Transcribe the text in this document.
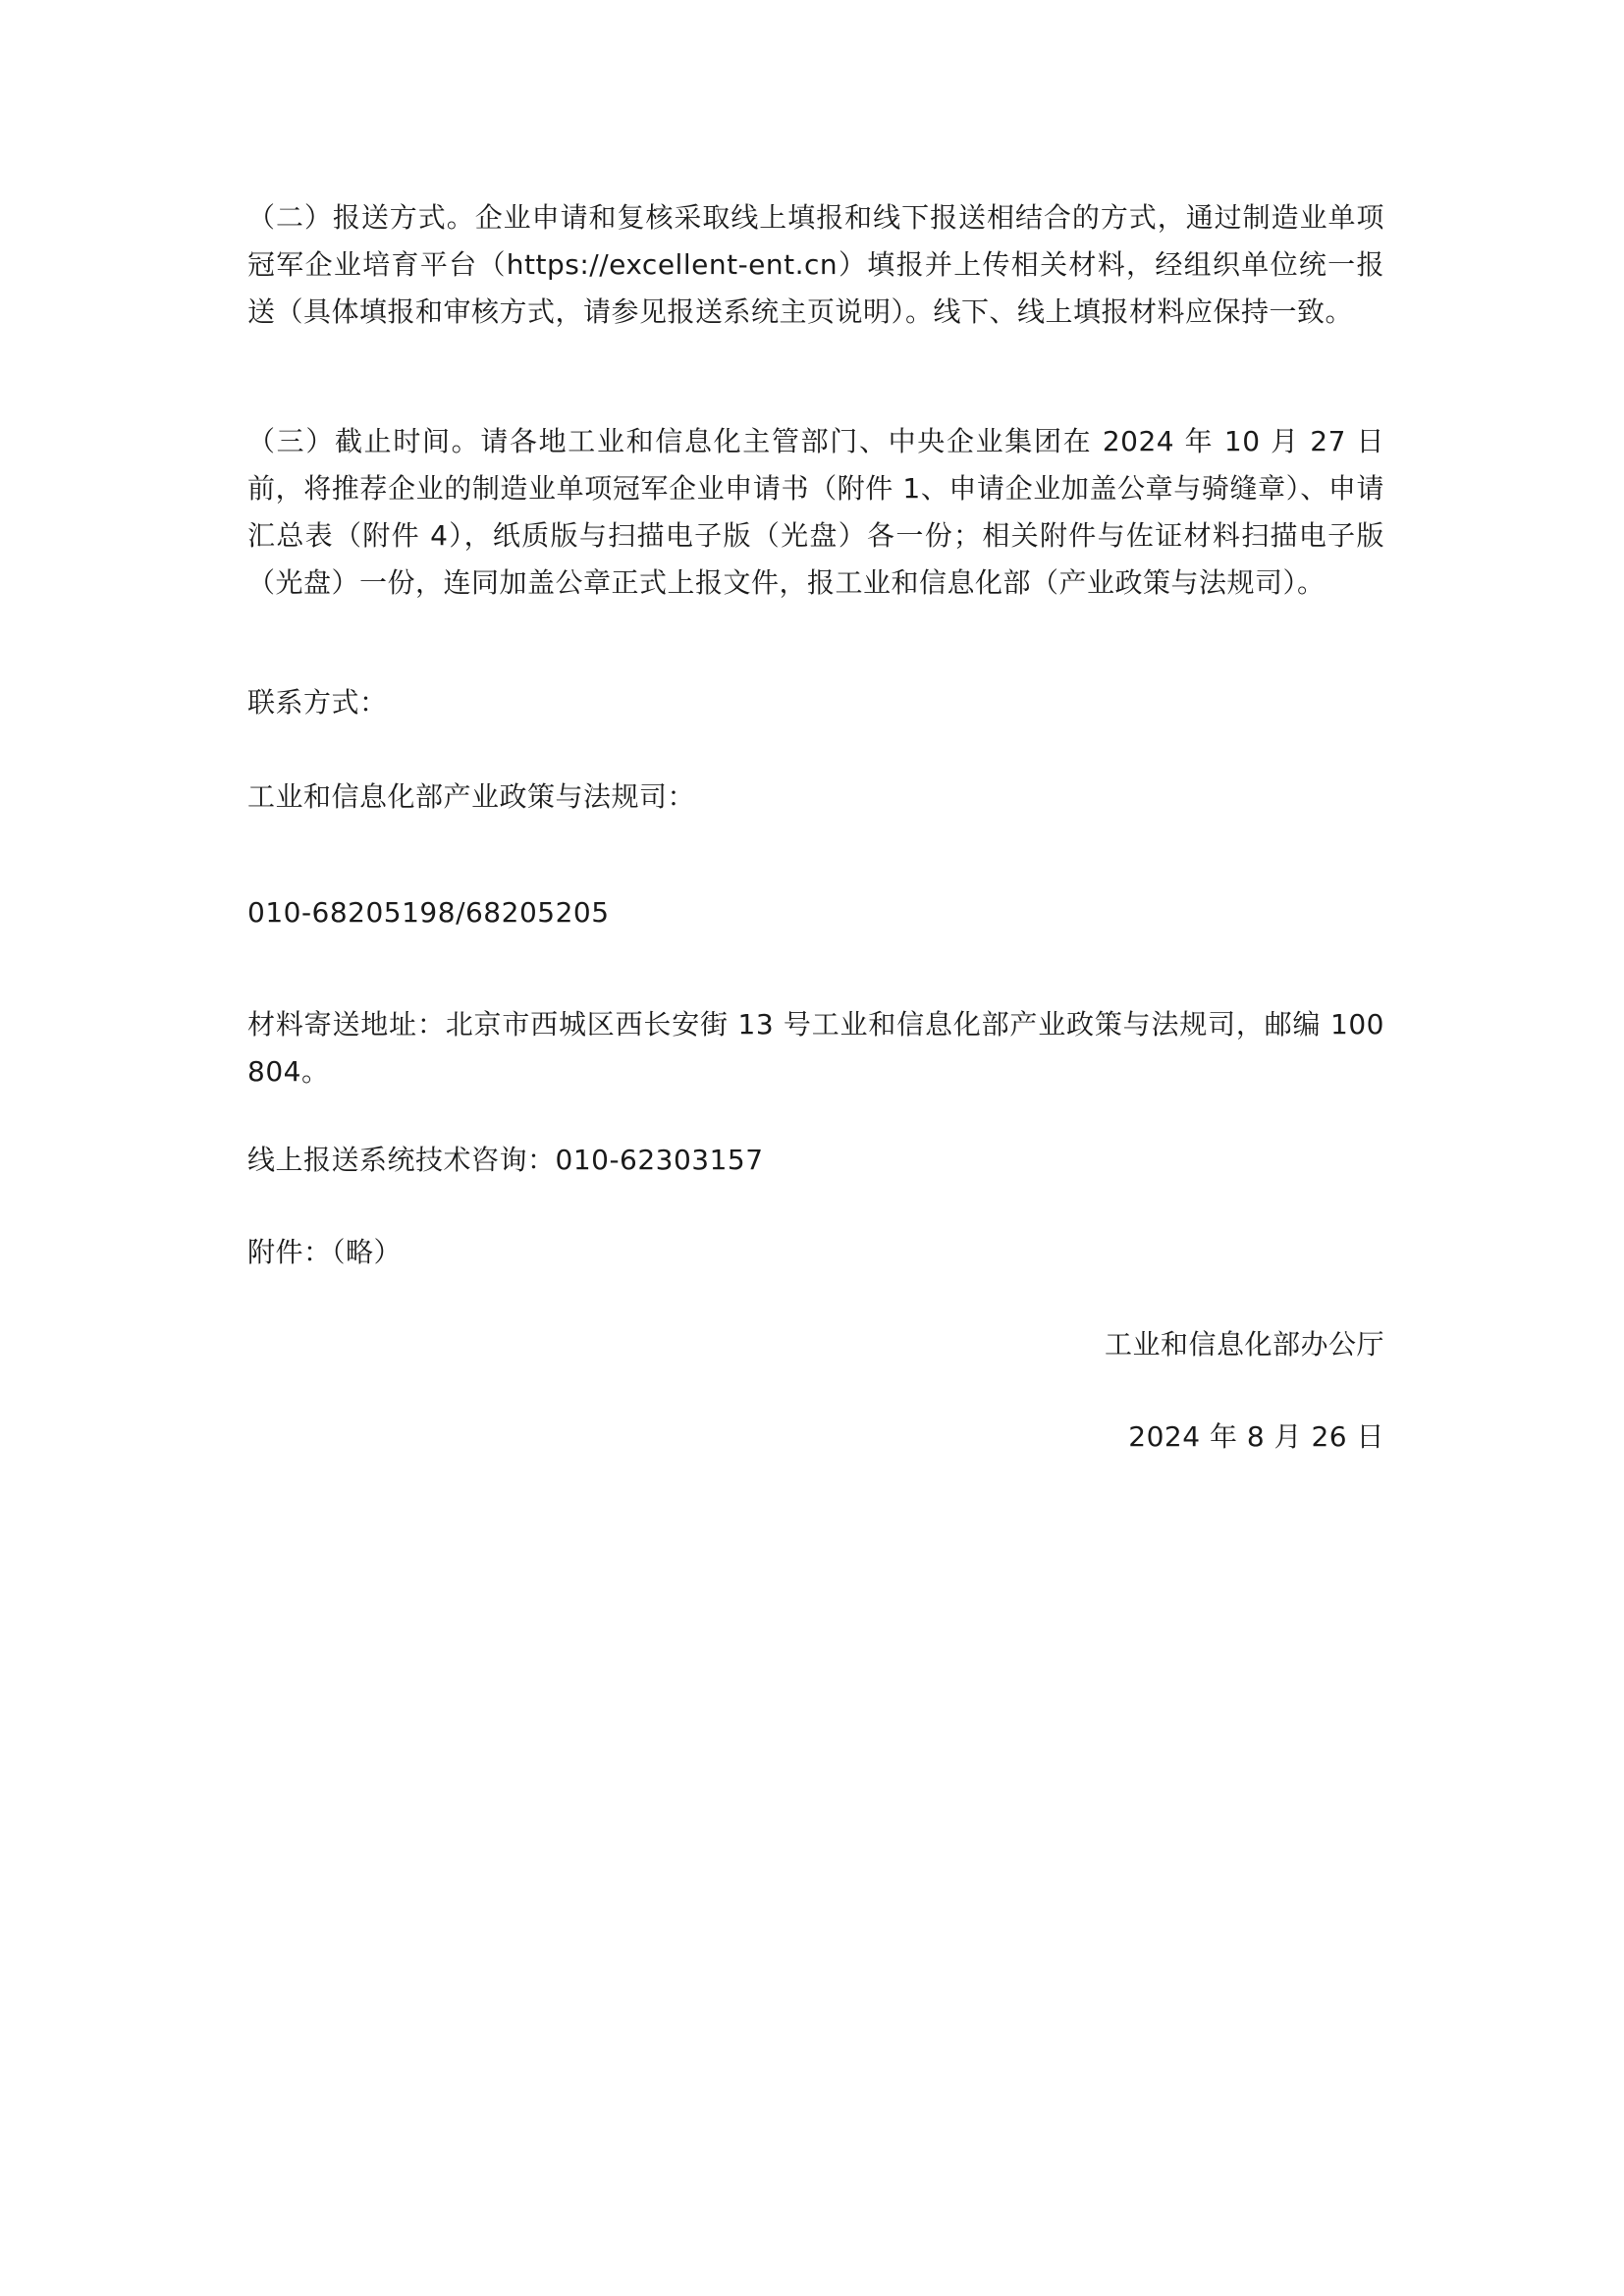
（二）报送方式。企业申请和复核采取线上填报和线下报送相结合的方式，通过制造业单项冠军企业培育平台（https://excellent-ent.cn）填报并上传相关材料，经组织单位统一报送（具体填报和审核方式，请参见报送系统主页说明）。线下、线上填报材料应保持一致。

（三）截止时间。请各地工业和信息化主管部门、中央企业集团在 2024 年 10 月 27 日前，将推荐企业的制造业单项冠军企业申请书（附件 1、申请企业加盖公章与骑缝章）、申请汇总表（附件 4），纸质版与扫描电子版（光盘）各一份；相关附件与佐证材料扫描电子版（光盘）一份，连同加盖公章正式上报文件，报工业和信息化部（产业政策与法规司）。

联系方式：

工业和信息化部产业政策与法规司：

010-68205198/68205205

材料寄送地址：北京市西城区西长安街 13 号工业和信息化部产业政策与法规司，邮编 100804。

线上报送系统技术咨询：010-62303157

附件：（略）

工业和信息化部办公厅

2024 年 8 月 26 日
